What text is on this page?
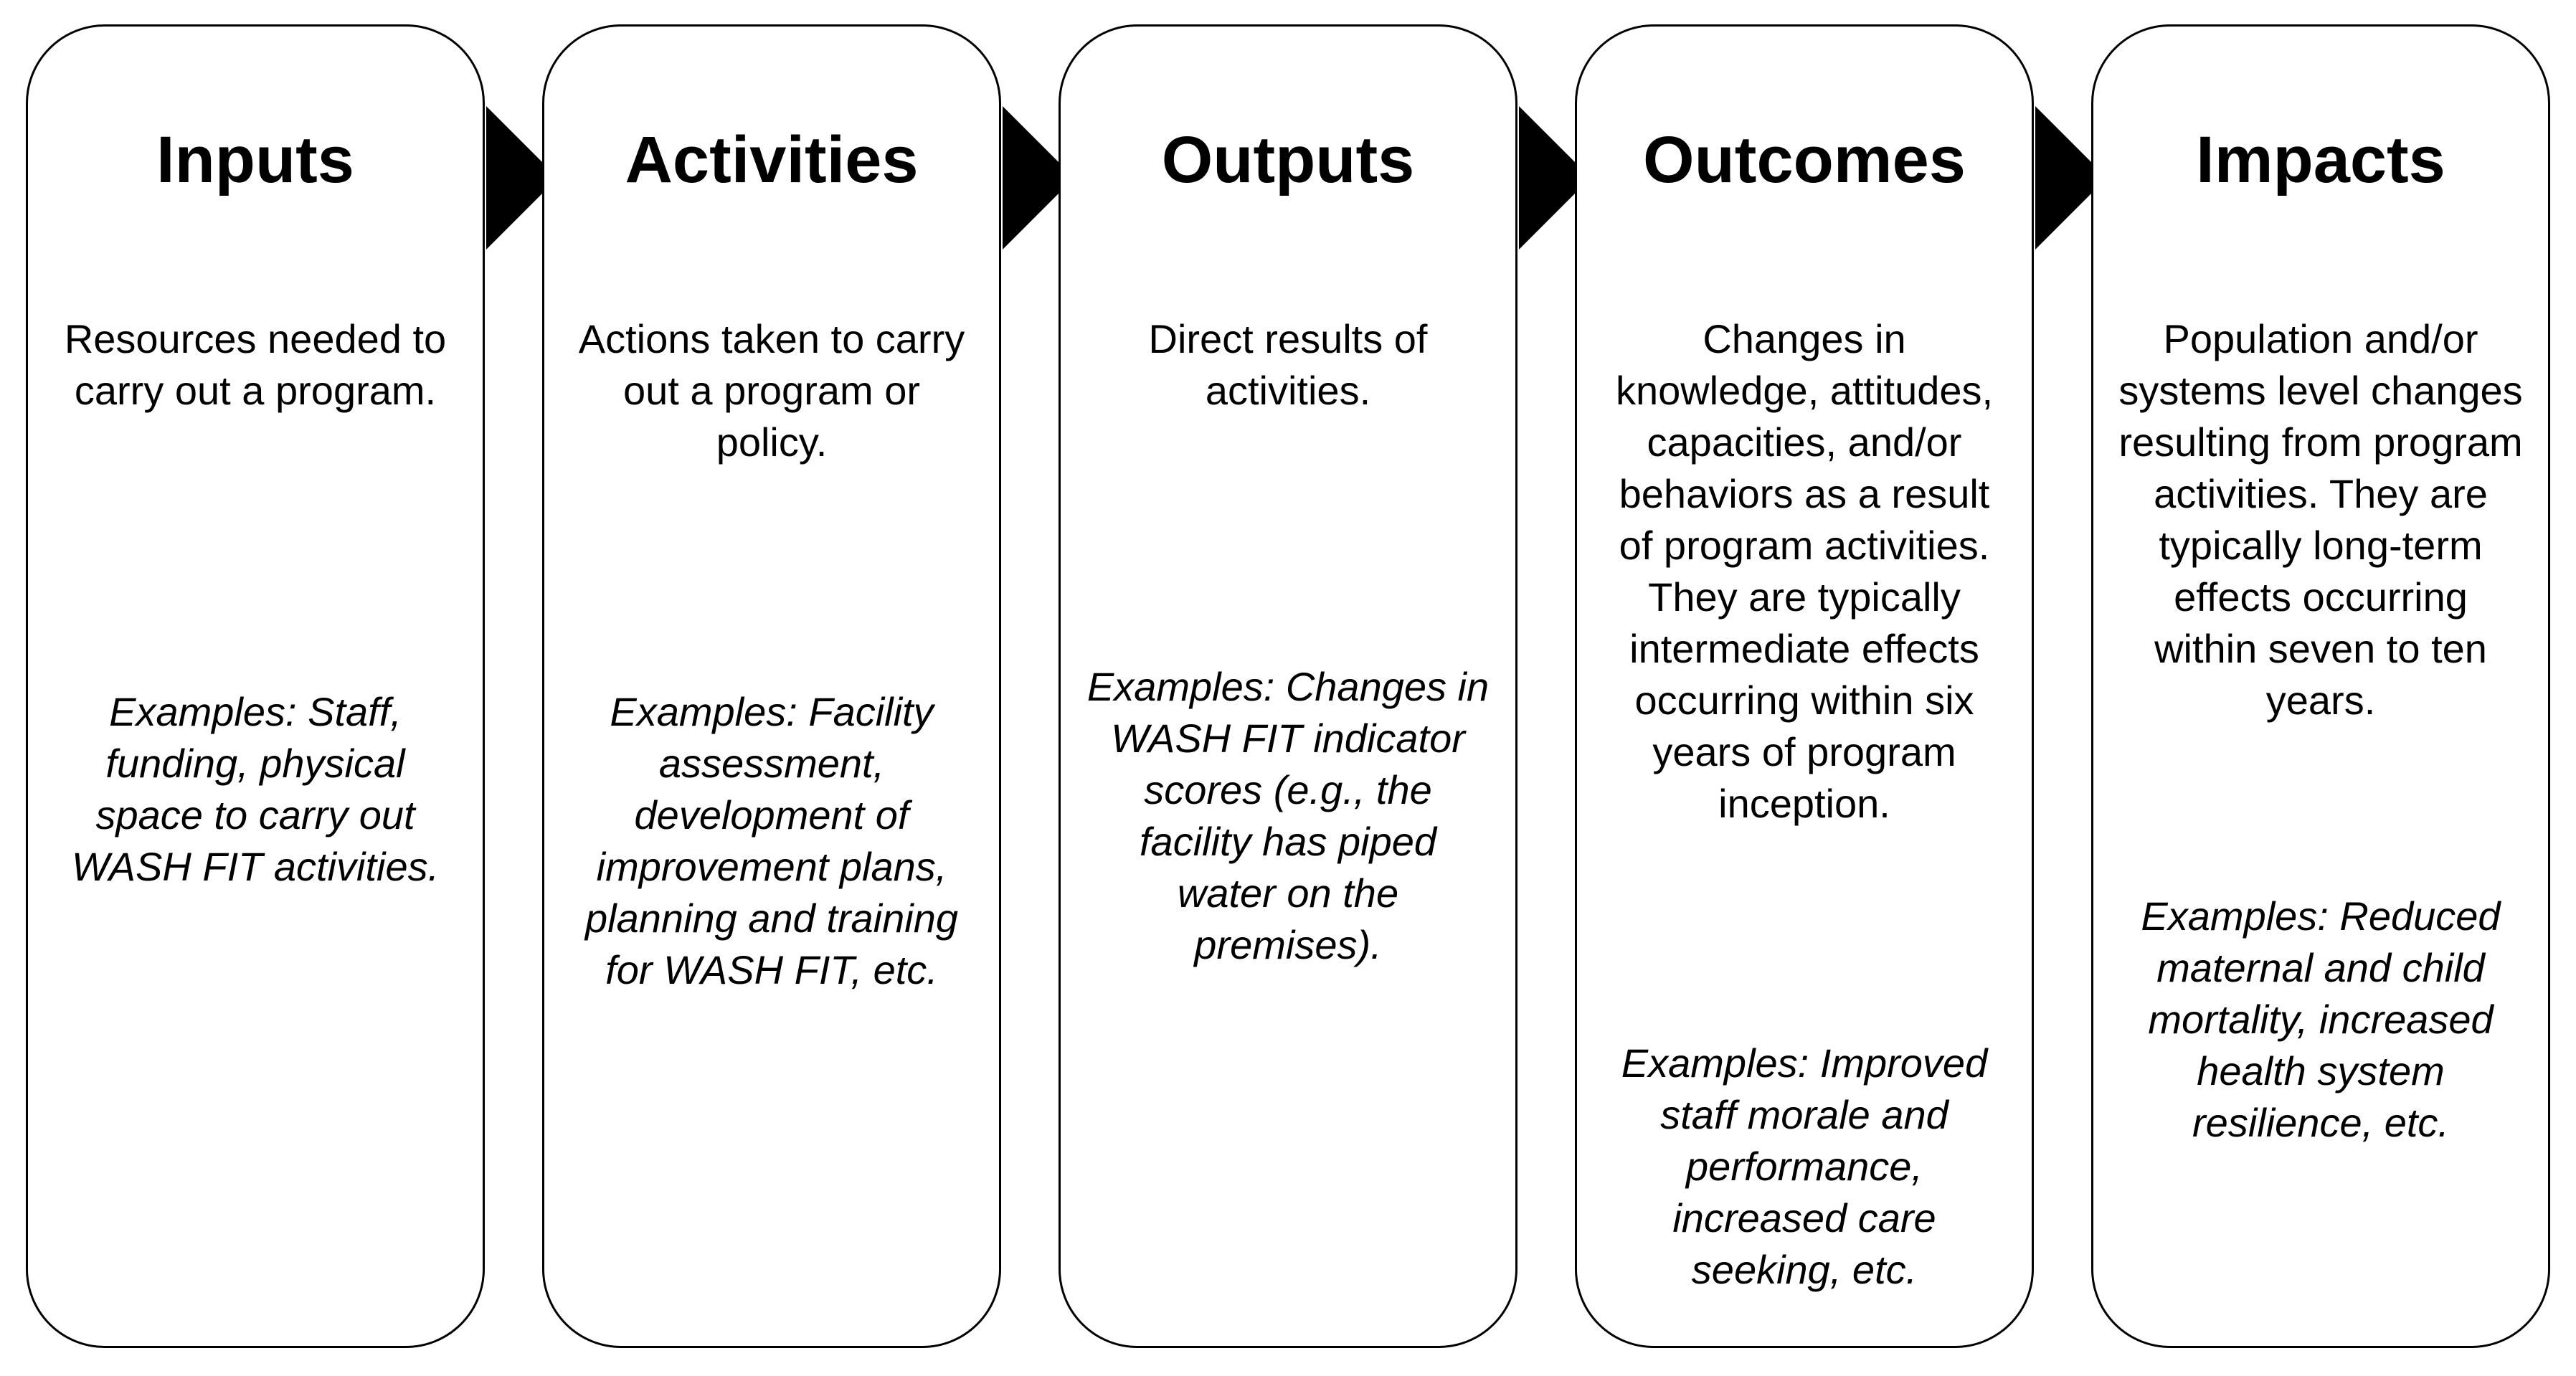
Inputs
Resources needed to carry out a program.
Examples: Staff, funding, physical space to carry out WASH FIT activities.
Activities
Actions taken to carry out a program or policy.
Examples: Facility assessment, development of improvement plans, planning and training for WASH FIT, etc.
Outputs
Direct results of activities.
Examples: Changes in WASH FIT indicator scores (e.g., the facility has piped water on the premises).
Outcomes
Changes in knowledge, attitudes, capacities, and/or behaviors as a result of program activities. They are typically intermediate effects occurring within six years of program inception.
Examples: Improved staff morale and performance, increased care seeking, etc.
Impacts
Population and/or systems level changes resulting from program activities. They are typically long-term effects occurring within seven to ten years.
Examples: Reduced maternal and child mortality, increased health system resilience, etc.
